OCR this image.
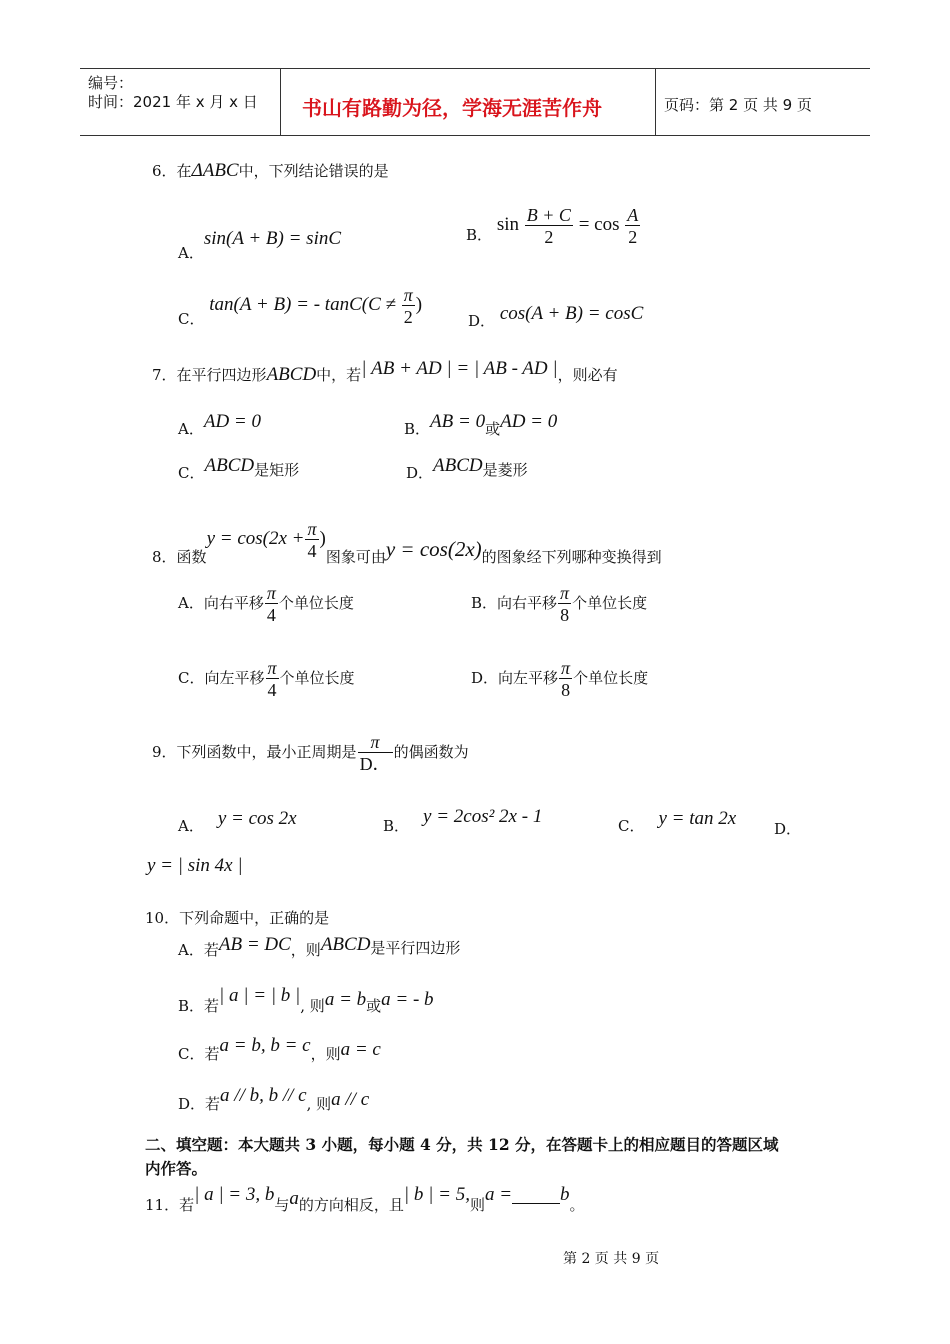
编号：
时间：2021 年 x 月 x 日 书山有路勤为径，学海无涯苦作舟	页码：第 2 页 共 9 页
6．在ΔABC中，下列结论错误的是
A．sin(A + B) = sinC	B． $\sin \frac{B + C}{2} = \cos \frac{A}{2}$
C． tan(A + B) = - $\tan C(C \ne \frac{\pi}{2}$ )
D． cos(A + B) = cosC
7．在平行四边形ABCD中，若| AB + AD | = | AB - AD |，则必有
A．AD = 0	B．AB = 0或AD = 0
C．ABCD是矩形	D．ABCD是菱形
8．函数$y = \cos(2x + \frac{\pi}{4}$ )图象可由y = cos(2x)的图象经下列哪种变换得到
A．向右平移 $\frac{\pi}{4}$ 个单位长度	B．向右平移 $\frac{\pi}{8}$ 个单位长度
C．向左平移 $\frac{\pi}{4}$ 个单位长度	D．向左平移 $\frac{\pi}{8}$ 个单位长度
9．下列函数中，最小正周期是 $\frac{\pi}{D.}$ 的偶函数为
A． y = cos 2x	B． y = 2cos² 2x - 1	C． y = tan 2x	D．
y = | sin 4x |
10．下列命题中，正确的是
A．若AB = DC，则ABCD是平行四边形
B．若| a | = | b |, 则a = b或a = - b
C．若a = b, b = c，则a = c
D．若a // b, b // c, 则a // c
二、填空题：本大题共 3 小题，每小题 4 分，共 12 分，在答题卡上的相应题目的答题区域
内作答。
11．若| a | = 3, b与a的方向相反，且| b | = 5,则a =	b。
第 2 页 共 9 页
